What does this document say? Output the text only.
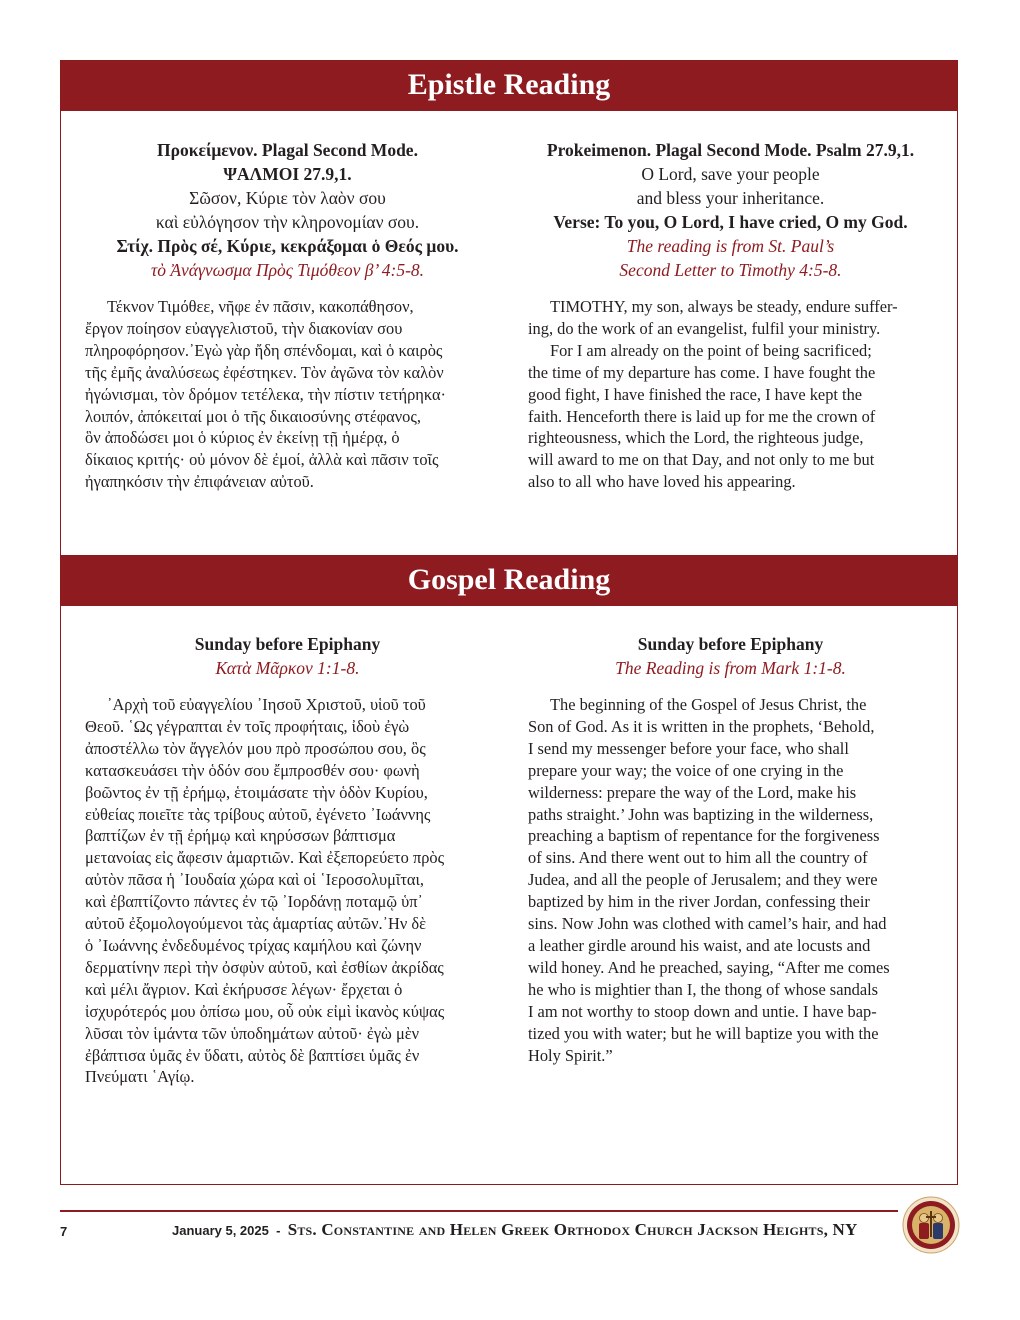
Epistle Reading
Προκείμενον. Plagal Second Mode.
ΨΑΛΜΟΙ 27.9,1.
Σῶσον, Κύριε τὸν λαὸν σου
καὶ εὐλόγησον τὴν κληρονομίαν σου.
Στίχ. Πρὸς σέ, Κύριε, κεκράξομαι ὁ Θεός μου.
τὸ Ἀνάγνωσμα Πρὸς Τιμόθεον β’ 4:5-8.
Τέκνον Τιμόθεε, νῆφε ἐν πᾶσιν, κακοπάθησον,
ἔργον ποίησον εὐαγγελιστοῦ, τὴν διακονίαν σου
πληροφόρησον.᾿Εγὼ γὰρ ἤδη σπένδομαι, καὶ ὁ καιρὸς
τῆς ἐμῆς ἀναλύσεως ἐφέστηκεν. Τὸν ἀγῶνα τὸν καλὸν
ἠγώνισμαι, τὸν δρόμον τετέλεκα, τὴν πίστιν τετήρηκα·
λοιπόν, ἀπόκειταί μοι ὁ τῆς δικαιοσύνης στέφανος,
ὃν ἀποδώσει μοι ὁ κύριος ἐν ἐκείνῃ τῇ ἡμέρᾳ, ὁ
δίκαιος κριτής· οὐ μόνον δὲ ἐμοί, ἀλλὰ καὶ πᾶσιν τοῖς
ἠγαπηκόσιν τὴν ἐπιφάνειαν αὐτοῦ.
Prokeimenon. Plagal Second Mode. Psalm 27.9,1.
O Lord, save your people
and bless your inheritance.
Verse: To you, O Lord, I have cried, O my God.
The reading is from St. Paul’s
Second Letter to Timothy 4:5-8.
TIMOTHY, my son, always be steady, endure suffer-
ing, do the work of an evangelist, fulfil your ministry.
For I am already on the point of being sacrificed;
the time of my departure has come. I have fought the
good fight, I have finished the race, I have kept the
faith. Henceforth there is laid up for me the crown of
righteousness, which the Lord, the righteous judge,
will award to me on that Day, and not only to me but
also to all who have loved his appearing.
Gospel Reading
Sunday before Epiphany
Κατὰ Μᾶρκον 1:1-8.
᾿Αρχὴ τοῦ εὐαγγελίου ᾿Ιησοῦ Χριστοῦ, υἱοῦ τοῦ
Θεοῦ. ῾Ως γέγραπται ἐν τοῖς προφήταις, ἰδοὺ ἐγὼ
ἀποστέλλω τὸν ἄγγελόν μου πρὸ προσώπου σου, ὃς
κατασκευάσει τὴν ὁδόν σου ἔμπροσθέν σου· φωνὴ
βοῶντος ἐν τῇ ἐρήμῳ, ἑτοιμάσατε τὴν ὁδὸν Κυρίου,
εὐθείας ποιεῖτε τὰς τρίβους αὐτοῦ, ἐγένετο ᾿Ιωάννης
βαπτίζων ἐν τῇ ἐρήμῳ καὶ κηρύσσων βάπτισμα
μετανοίας εἰς ἄφεσιν ἁμαρτιῶν. Καὶ ἐξεπορεύετο πρὸς
αὐτὸν πᾶσα ἡ ᾿Ιουδαία χώρα καὶ οἱ ῾Ιεροσολυμῖται,
καὶ ἐβαπτίζοντο πάντες ἐν τῷ ᾿Ιορδάνῃ ποταμῷ ὑπ᾿
αὐτοῦ ἐξομολογούμενοι τὰς ἁμαρτίας αὐτῶν.᾿Ην δὲ
ὁ ᾿Ιωάννης ἐνδεδυμένος τρίχας καμήλου καὶ ζώνην
δερματίνην περὶ τὴν ὀσφὺν αὐτοῦ, καὶ ἐσθίων ἀκρίδας
καὶ μέλι ἄγριον. Καὶ ἐκήρυσσε λέγων· ἔρχεται ὁ
ἰσχυρότερός μου ὀπίσω μου, οὗ οὐκ εἰμὶ ἱκανὸς κύψας
λῦσαι τὸν ἱμάντα τῶν ὑποδημάτων αὐτοῦ· ἐγὼ μὲν
ἐβάπτισα ὑμᾶς ἐν ὕδατι, αὐτὸς δὲ βαπτίσει ὑμᾶς ἐν
Πνεύματι ῾Αγίῳ.
Sunday before Epiphany
The Reading is from Mark 1:1-8.
The beginning of the Gospel of Jesus Christ, the
Son of God. As it is written in the prophets, ‘Behold,
I send my messenger before your face, who shall
prepare your way; the voice of one crying in the
wilderness: prepare the way of the Lord, make his
paths straight.’ John was baptizing in the wilderness,
preaching a baptism of repentance for the forgiveness
of sins. And there went out to him all the country of
Judea, and all the people of Jerusalem; and they were
baptized by him in the river Jordan, confessing their
sins. Now John was clothed with camel’s hair, and had
a leather girdle around his waist, and ate locusts and
wild honey. And he preached, saying, “After me comes
he who is mightier than I, the thong of whose sandals
I am not worthy to stoop down and untie. I have bap-
tized you with water; but he will baptize you with the
Holy Spirit.”
7	January 5, 2025 - Sts. Constantine and Helen Greek Orthodox Church Jackson Heights, NY
